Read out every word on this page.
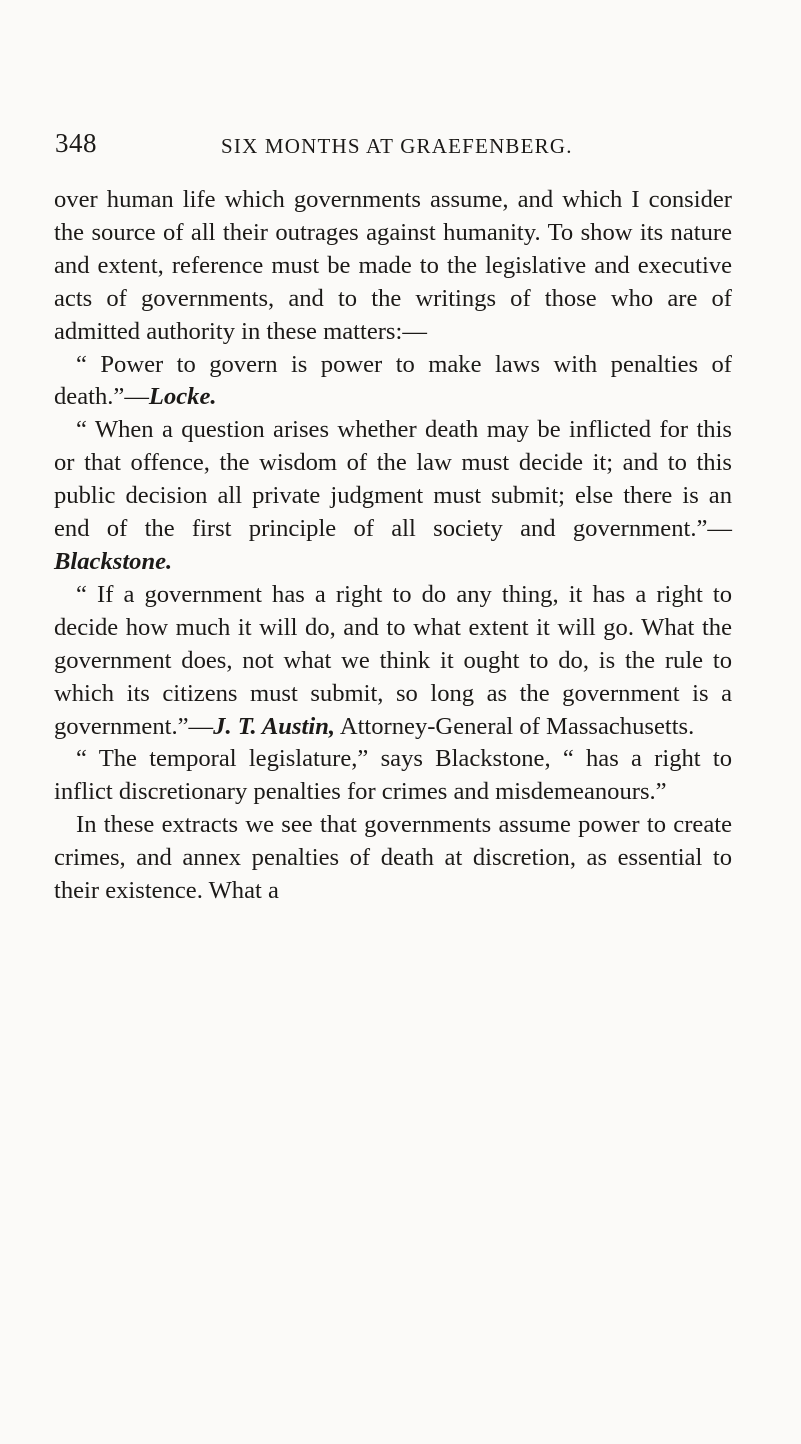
348	SIX MONTHS AT GRAEFENBERG.

over human life which governments assume, and which I consider the source of all their outrages against humanity. To show its nature and extent, reference must be made to the legislative and executive acts of governments, and to the writings of those who are of admitted authority in these matters:—

“ Power to govern is power to make laws with penalties of death.”—Locke.

“ When a question arises whether death may be inflicted for this or that offence, the wisdom of the law must decide it; and to this public decision all private judgment must submit; else there is an end of the first principle of all society and government.”—Blackstone.

“ If a government has a right to do any thing, it has a right to decide how much it will do, and to what extent it will go. What the government does, not what we think it ought to do, is the rule to which its citizens must submit, so long as the government is a government.”—J. T. Austin, Attorney-General of Massachusetts.

“ The temporal legislature,” says Blackstone, “ has a right to inflict discretionary penalties for crimes and misdemeanours.”

In these extracts we see that governments assume power to create crimes, and annex penalties of death at discretion, as essential to their existence. What a
